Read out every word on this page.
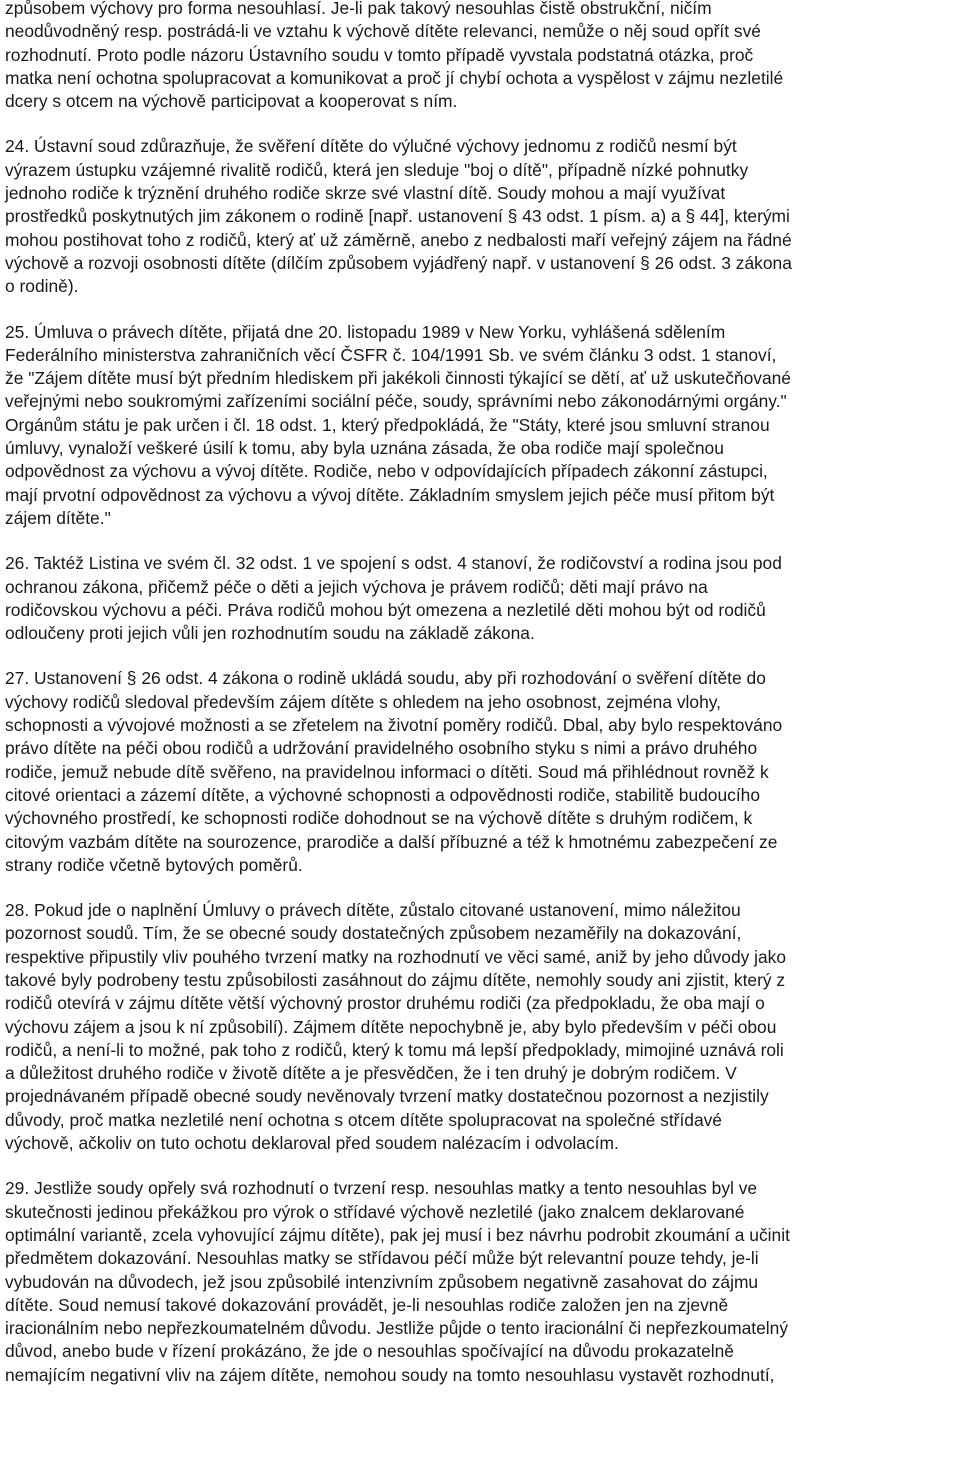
způsobem výchovy pro forma nesouhlasí. Je-li pak takový nesouhlas čistě obstrukční, ničím
neodůvodněný resp. postrádá-li ve vztahu k výchově dítěte relevanci, nemůže o něj soud opřít své
rozhodnutí. Proto podle názoru Ústavního soudu v tomto případě vyvstala podstatná otázka, proč
matka není ochotna spolupracovat a komunikovat a proč jí chybí ochota a vyspělost v zájmu nezletilé
dcery s otcem na výchově participovat a kooperovat s ním.
24. Ústavní soud zdůrazňuje, že svěření dítěte do výlučné výchovy jednomu z rodičů nesmí být
výrazem ústupku vzájemné rivalitě rodičů, která jen sleduje "boj o dítě", případně nízké pohnutky
jednoho rodiče k trýznění druhého rodiče skrze své vlastní dítě. Soudy mohou a mají využívat
prostředků poskytnutých jim zákonem o rodině [např. ustanovení § 43 odst. 1 písm. a) a § 44], kterými
mohou postihovat toho z rodičů, který ať už záměrně, anebo z nedbalosti maří veřejný zájem na řádné
výchově a rozvoji osobnosti dítěte (dílčím způsobem vyjádřený např. v ustanovení § 26 odst. 3 zákona
o rodině).
25. Úmluva o právech dítěte, přijatá dne 20. listopadu 1989 v New Yorku, vyhlášená sdělením
Federálního ministerstva zahraničních věcí ČSFR č. 104/1991 Sb. ve svém článku 3 odst. 1 stanoví,
že "Zájem dítěte musí být předním hlediskem při jakékoli činnosti týkající se dětí, ať už uskutečňované
veřejnými nebo soukromými zařízeními sociální péče, soudy, správními nebo zákonodárnými orgány."
Orgánům státu je pak určen i čl. 18 odst. 1, který předpokládá, že "Státy, které jsou smluvní stranou
úmluvy, vynaloží veškeré úsilí k tomu, aby byla uznána zásada, že oba rodiče mají společnou
odpovědnost za výchovu a vývoj dítěte. Rodiče, nebo v odpovídajících případech zákonní zástupci,
mají prvotní odpovědnost za výchovu a vývoj dítěte. Základním smyslem jejich péče musí přitom být
zájem dítěte."
26. Taktéž Listina ve svém čl. 32 odst. 1 ve spojení s odst. 4 stanoví, že rodičovství a rodina jsou pod
ochranou zákona, přičemž péče o děti a jejich výchova je právem rodičů; děti mají právo na
rodičovskou výchovu a péči. Práva rodičů mohou být omezena a nezletilé děti mohou být od rodičů
odloučeny proti jejich vůli jen rozhodnutím soudu na základě zákona.
27. Ustanovení § 26 odst. 4 zákona o rodině ukládá soudu, aby při rozhodování o svěření dítěte do
výchovy rodičů sledoval především zájem dítěte s ohledem na jeho osobnost, zejména vlohy,
schopnosti a vývojové možnosti a se zřetelem na životní poměry rodičů. Dbal, aby bylo respektováno
právo dítěte na péči obou rodičů a udržování pravidelného osobního styku s nimi a právo druhého
rodiče, jemuž nebude dítě svěřeno, na pravidelnou informaci o dítěti. Soud má přihlédnout rovněž k
citové orientaci a zázemí dítěte, a výchovné schopnosti a odpovědnosti rodiče, stabilitě budoucího
výchovného prostředí, ke schopnosti rodiče dohodnout se na výchově dítěte s druhým rodičem, k
citovým vazbám dítěte na sourozence, prarodiče a další příbuzné a též k hmotnému zabezpečení ze
strany rodiče včetně bytových poměrů.
28. Pokud jde o naplnění Úmluvy o právech dítěte, zůstalo citované ustanovení, mimo náležitou
pozornost soudů. Tím, že se obecné soudy dostatečných způsobem nezaměřily na dokazování,
respektive připustily vliv pouhého tvrzení matky na rozhodnutí ve věci samé, aniž by jeho důvody jako
takové byly podrobeny testu způsobilosti zasáhnout do zájmu dítěte, nemohly soudy ani zjistit, který z
rodičů otevírá v zájmu dítěte větší výchovný prostor druhému rodiči (za předpokladu, že oba mají o
výchovu zájem a jsou k ní způsobilí). Zájmem dítěte nepochybně je, aby bylo především v péči obou
rodičů, a není-li to možné, pak toho z rodičů, který k tomu má lepší předpoklady, mimojiné uznává roli
a důležitost druhého rodiče v životě dítěte a je přesvědčen, že i ten druhý je dobrým rodičem. V
projednávaném případě obecné soudy nevěnovaly tvrzení matky dostatečnou pozornost a nezjistily
důvody, proč matka nezletilé není ochotna s otcem dítěte spolupracovat na společné střídavé
výchově, ačkoliv on tuto ochotu deklaroval před soudem nalézacím i odvolacím.
29. Jestliže soudy opřely svá rozhodnutí o tvrzení resp. nesouhlas matky a tento nesouhlas byl ve
skutečnosti jedinou překážkou pro výrok o střídavé výchově nezletilé (jako znalcem deklarované
optimální variantě, zcela vyhovující zájmu dítěte), pak jej musí i bez návrhu podrobit zkoumání a učinit
předmětem dokazování. Nesouhlas matky se střídavou péčí může být relevantní pouze tehdy, je-li
vybudován na důvodech, jež jsou způsobilé intenzivním způsobem negativně zasahovat do zájmu
dítěte. Soud nemusí takové dokazování provádět, je-li nesouhlas rodiče založen jen na zjevně
iracionálním nebo nepřezkoumatelném důvodu. Jestliže půjde o tento iracionální či nepřezkoumatelný
důvod, anebo bude v řízení prokázáno, že jde o nesouhlas spočívající na důvodu prokazatelně
nemajícím negativní vliv na zájem dítěte, nemohou soudy na tomto nesouhlasu vystavět rozhodnutí,
